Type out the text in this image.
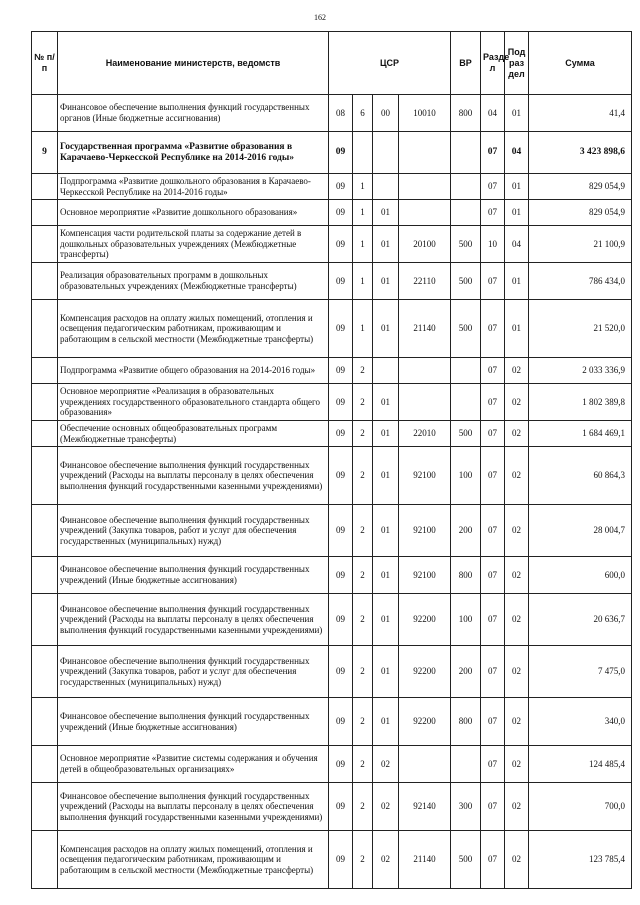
162
№ п/п	Наименование министерств, ведомств	ЦСР				ВР	Разде л	Под раз дел	Сумма
	Финансовое обеспечение выполнения функций государственных органов (Иные бюджетные ассигнования)	08	6	00	10010	800	04	01	41,4
9	Государственная программа «Развитие образования в Карачаево-Черкесской Республике на 2014-2016 годы»	09					07	04	3 423 898,6
	Подпрограмма «Развитие дошкольного образования в Карачаево-Черкесской Республике на 2014-2016 годы»	09	1				07	01	829 054,9
	Основное мероприятие «Развитие дошкольного образования»	09	1	01			07	01	829 054,9
	Компенсация части родительской платы за содержание детей в дошкольных образовательных учреждениях (Межбюджетные трансферты)	09	1	01	20100	500	10	04	21 100,9
	Реализация образовательных программ в дошкольных образовательных учреждениях (Межбюджетные трансферты)	09	1	01	22110	500	07	01	786 434,0
	Компенсация расходов на оплату жилых помещений, отопления и освещения педагогическим работникам, проживающим и работающим в сельской местности (Межбюджетные трансферты)	09	1	01	21140	500	07	01	21 520,0
	Подпрограмма «Развитие общего образования на 2014-2016 годы»	09	2				07	02	2 033 336,9
	Основное мероприятие «Реализация в образовательных учреждениях государственного образовательного стандарта общего образования»	09	2	01			07	02	1 802 389,8
	Обеспечение основных общеобразовательных программ (Межбюджетные трансферты)	09	2	01	22010	500	07	02	1 684 469,1
	Финансовое обеспечение выполнения функций государственных учреждений (Расходы на выплаты персоналу в целях обеспечения выполнения функций государственными казенными учреждениями)	09	2	01	92100	100	07	02	60 864,3
	Финансовое обеспечение выполнения функций государственных учреждений (Закупка товаров, работ и услуг для обеспечения государственных (муниципальных) нужд)	09	2	01	92100	200	07	02	28 004,7
	Финансовое обеспечение выполнения функций государственных учреждений (Иные бюджетные ассигнования)	09	2	01	92100	800	07	02	600,0
	Финансовое обеспечение выполнения функций государственных учреждений (Расходы на выплаты персоналу в целях обеспечения выполнения функций государственными казенными учреждениями)	09	2	01	92200	100	07	02	20 636,7
	Финансовое обеспечение выполнения функций государственных учреждений (Закупка товаров, работ и услуг для обеспечения государственных (муниципальных) нужд)	09	2	01	92200	200	07	02	7 475,0
	Финансовое обеспечение выполнения функций государственных учреждений (Иные бюджетные ассигнования)	09	2	01	92200	800	07	02	340,0
	Основное мероприятие «Развитие системы содержания и обучения детей в общеобразовательных организациях»	09	2	02			07	02	124 485,4
	Финансовое обеспечение выполнения функций государственных учреждений (Расходы на выплаты персоналу в целях обеспечения выполнения функций государственными казенными учреждениями)	09	2	02	92140	300	07	02	700,0
	Компенсация расходов на оплату жилых помещений, отопления и освещения педагогическим работникам, проживающим и работающим в сельской местности (Межбюджетные трансферты)	09	2	02	21140	500	07	02	123 785,4
